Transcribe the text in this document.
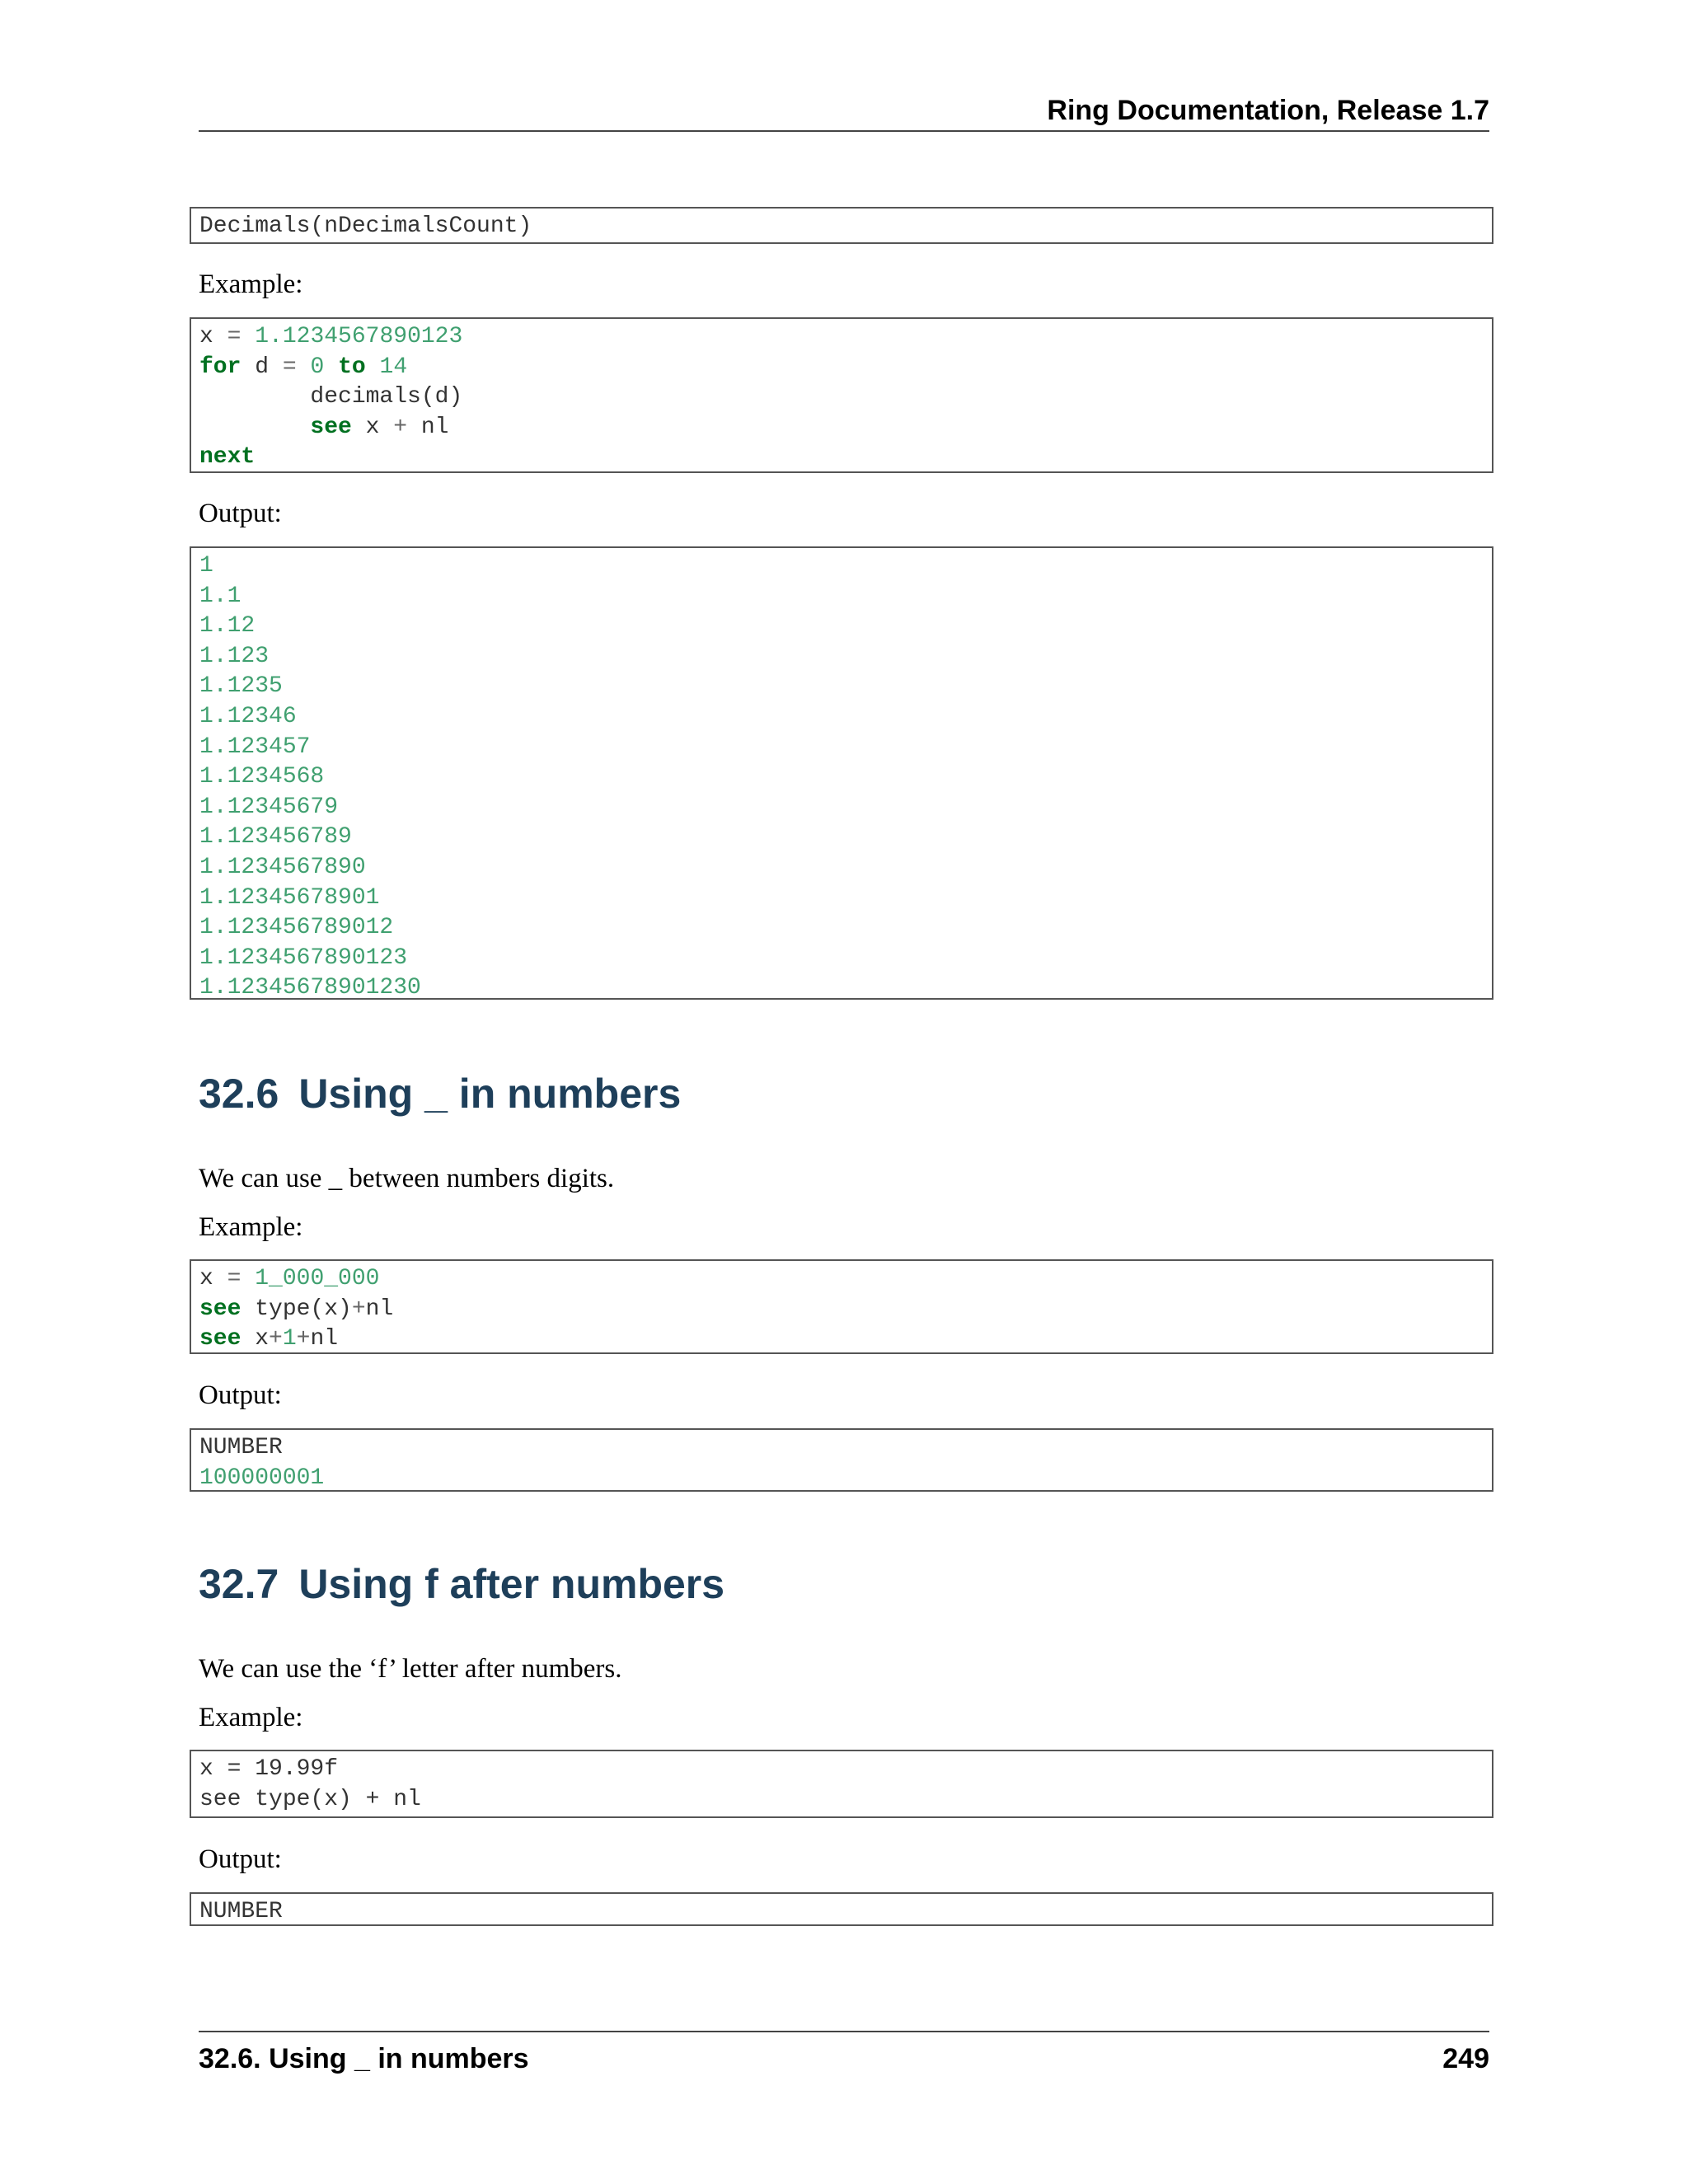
Ring Documentation, Release 1.7
Decimals(nDecimalsCount)
Example:
x = 1.1234567890123
for d = 0 to 14
decimals(d)
see x + nl
next
Output:
1
1.1
1.12
1.123
1.1235
1.12346
1.123457
1.1234568
1.12345679
1.123456789
1.1234567890
1.12345678901
1.123456789012
1.1234567890123
1.12345678901230
32.6 Using _ in numbers
We can use _ between numbers digits.
Example:
x = 1_000_000
see type(x)+nl
see x+1+nl
Output:
NUMBER
100000001
32.7 Using f after numbers
We can use the ‘f’ letter after numbers.
Example:
x = 19.99f
see type(x) + nl
Output:
NUMBER
32.6. Using _ in numbers	249
